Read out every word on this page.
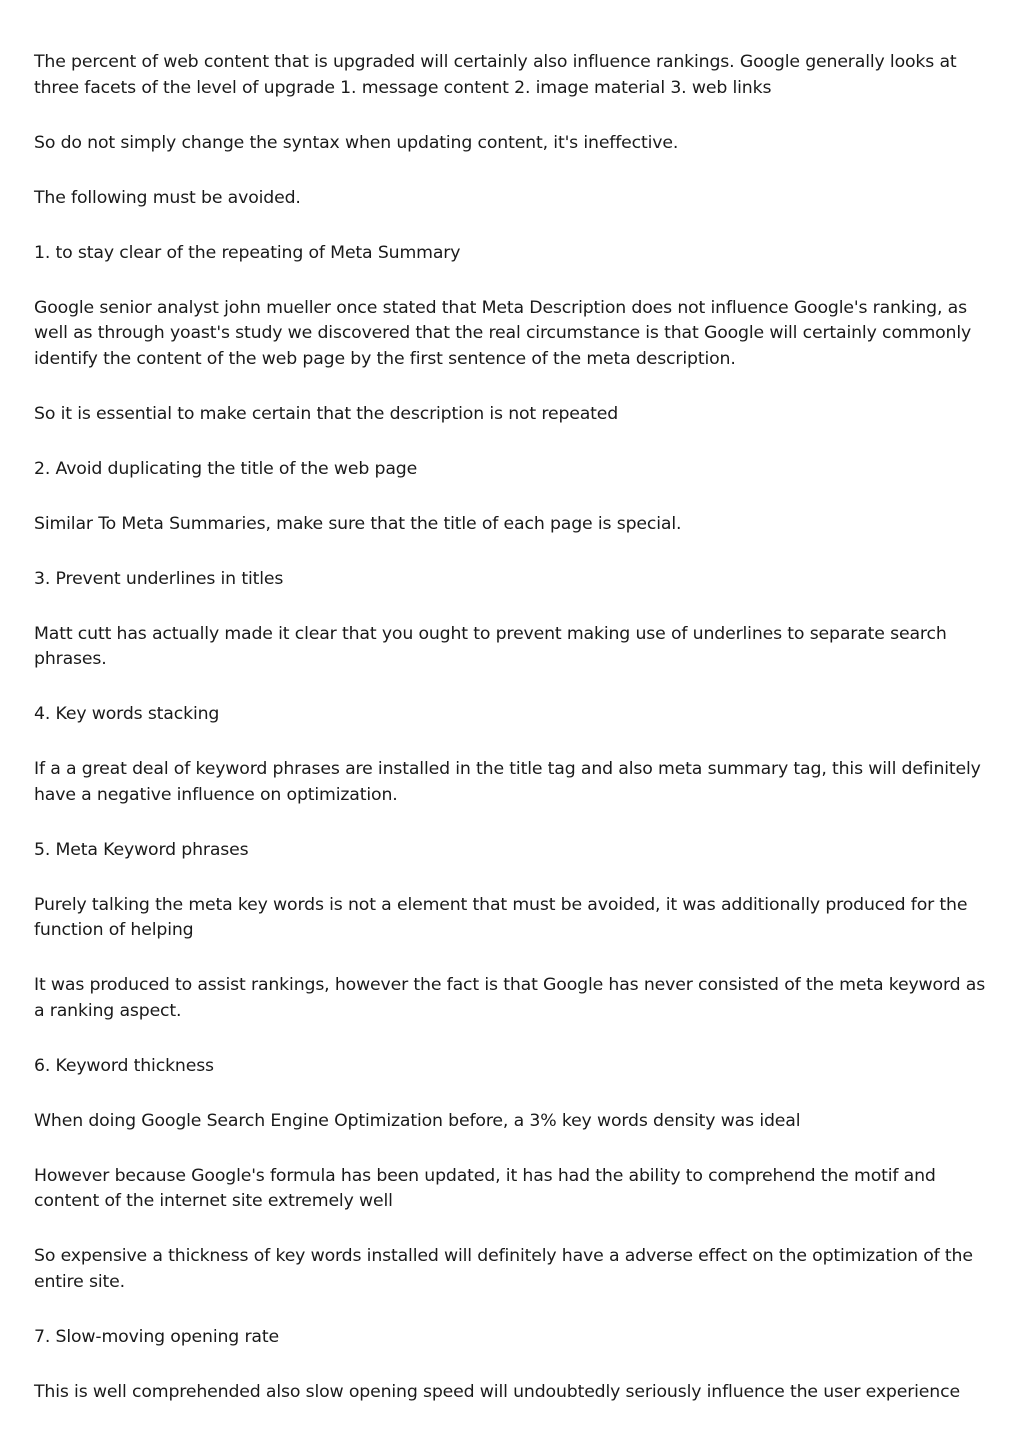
The percent of web content that is upgraded will certainly also influence rankings. Google generally looks at three facets of the level of upgrade 1. message content 2. image material 3. web links

So do not simply change the syntax when updating content, it's ineffective.

The following must be avoided.

1. to stay clear of the repeating of Meta Summary

Google senior analyst john mueller once stated that Meta Description does not influence Google's ranking, as well as through yoast's study we discovered that the real circumstance is that Google will certainly commonly identify the content of the web page by the first sentence of the meta description.

So it is essential to make certain that the description is not repeated

2. Avoid duplicating the title of the web page

Similar To Meta Summaries, make sure that the title of each page is special.

3. Prevent underlines in titles

Matt cutt has actually made it clear that you ought to prevent making use of underlines to separate search phrases.

4. Key words stacking

If a a great deal of keyword phrases are installed in the title tag and also meta summary tag, this will definitely have a negative influence on optimization.

5. Meta Keyword phrases

Purely talking the meta key words is not a element that must be avoided, it was additionally produced for the function of helping

It was produced to assist rankings, however the fact is that Google has never consisted of the meta keyword as a ranking aspect.

6. Keyword thickness

When doing Google Search Engine Optimization before, a 3% key words density was ideal

However because Google's formula has been updated, it has had the ability to comprehend the motif and content of the internet site extremely well

So expensive a thickness of key words installed will definitely have a adverse effect on the optimization of the entire site.

7. Slow-moving opening rate

This is well comprehended also slow opening speed will undoubtedly seriously influence the user experience
